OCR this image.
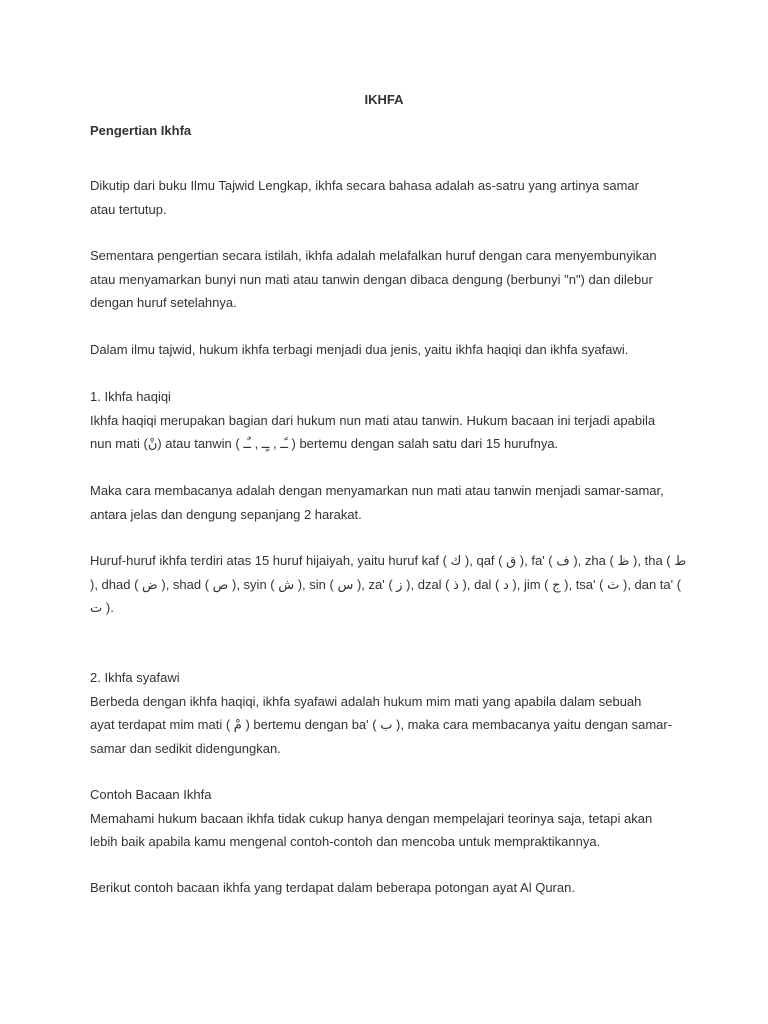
IKHFA

Pengertian Ikhfa

Dikutip dari buku Ilmu Tajwid Lengkap, ikhfa secara bahasa adalah as-satru yang artinya samar
atau tertutup.

Sementara pengertian secara istilah, ikhfa adalah melafalkan huruf dengan cara menyembunyikan
atau menyamarkan bunyi nun mati atau tanwin dengan dibaca dengung (berbunyi "n") dan dilebur
dengan huruf setelahnya.

Dalam ilmu tajwid, hukum ikhfa terbagi menjadi dua jenis, yaitu ikhfa haqiqi dan ikhfa syafawi.

1. Ikhfa haqiqi
Ikhfa haqiqi merupakan bagian dari hukum nun mati atau tanwin. Hukum bacaan ini terjadi apabila
nun mati (نْ) atau tanwin ( ـًـ , ـٍـ , ـٌـ ) bertemu dengan salah satu dari 15 hurufnya.

Maka cara membacanya adalah dengan menyamarkan nun mati atau tanwin menjadi samar-samar,
antara jelas dan dengung sepanjang 2 harakat.

Huruf-huruf ikhfa terdiri atas 15 huruf hijaiyah, yaitu huruf kaf ( ك ), qaf ( ق ), fa' ( ف ), zha ( ظ ), tha ( ط
), dhad ( ض ), shad ( ص ), syin ( ش ), sin ( س ), za' ( ز ), dzal ( ذ ), dal ( د ), jim ( ج ), tsa' ( ث ), dan ta' (
ت ).

2. Ikhfa syafawi
Berbeda dengan ikhfa haqiqi, ikhfa syafawi adalah hukum mim mati yang apabila dalam sebuah
ayat terdapat mim mati ( مْ ) bertemu dengan ba' ( ب ), maka cara membacanya yaitu dengan samar-
samar dan sedikit didengungkan.

Contoh Bacaan Ikhfa
Memahami hukum bacaan ikhfa tidak cukup hanya dengan mempelajari teorinya saja, tetapi akan
lebih baik apabila kamu mengenal contoh-contoh dan mencoba untuk mempraktikannya.

Berikut contoh bacaan ikhfa yang terdapat dalam beberapa potongan ayat Al Quran.
